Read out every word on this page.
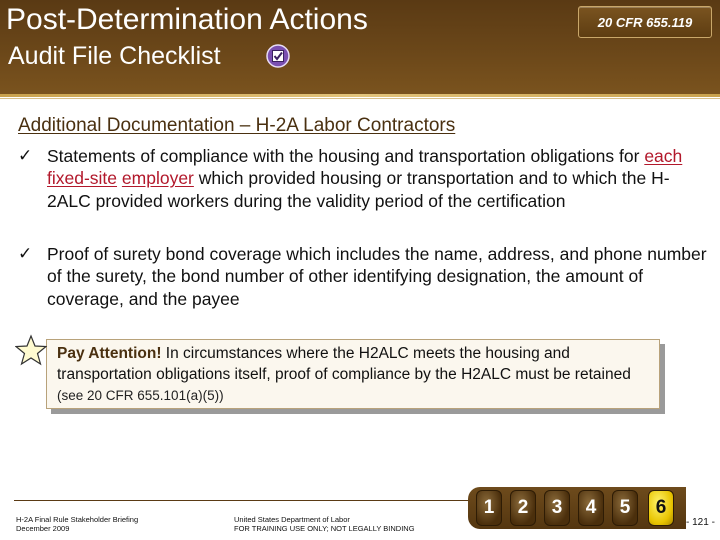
Post-Determination Actions
Audit File Checklist
20 CFR 655.119
Additional Documentation – H-2A Labor Contractors
✓ Statements of compliance with the housing and transportation obligations for each fixed-site employer which provided housing or transportation and to which the H-2ALC provided workers during the validity period of the certification
✓ Proof of surety bond coverage which includes the name, address, and phone number of the surety, the bond number of other identifying designation, the amount of coverage, and the payee
Pay Attention! In circumstances where the H2ALC meets the housing and transportation obligations itself, proof of compliance by the H2ALC must be retained (see 20 CFR 655.101(a)(5))
H-2A Final Rule Stakeholder Briefing
December 2009
United States Department of Labor
FOR TRAINING USE ONLY; NOT LEGALLY BINDING
1	2	3	4	5	6
- 121 -
